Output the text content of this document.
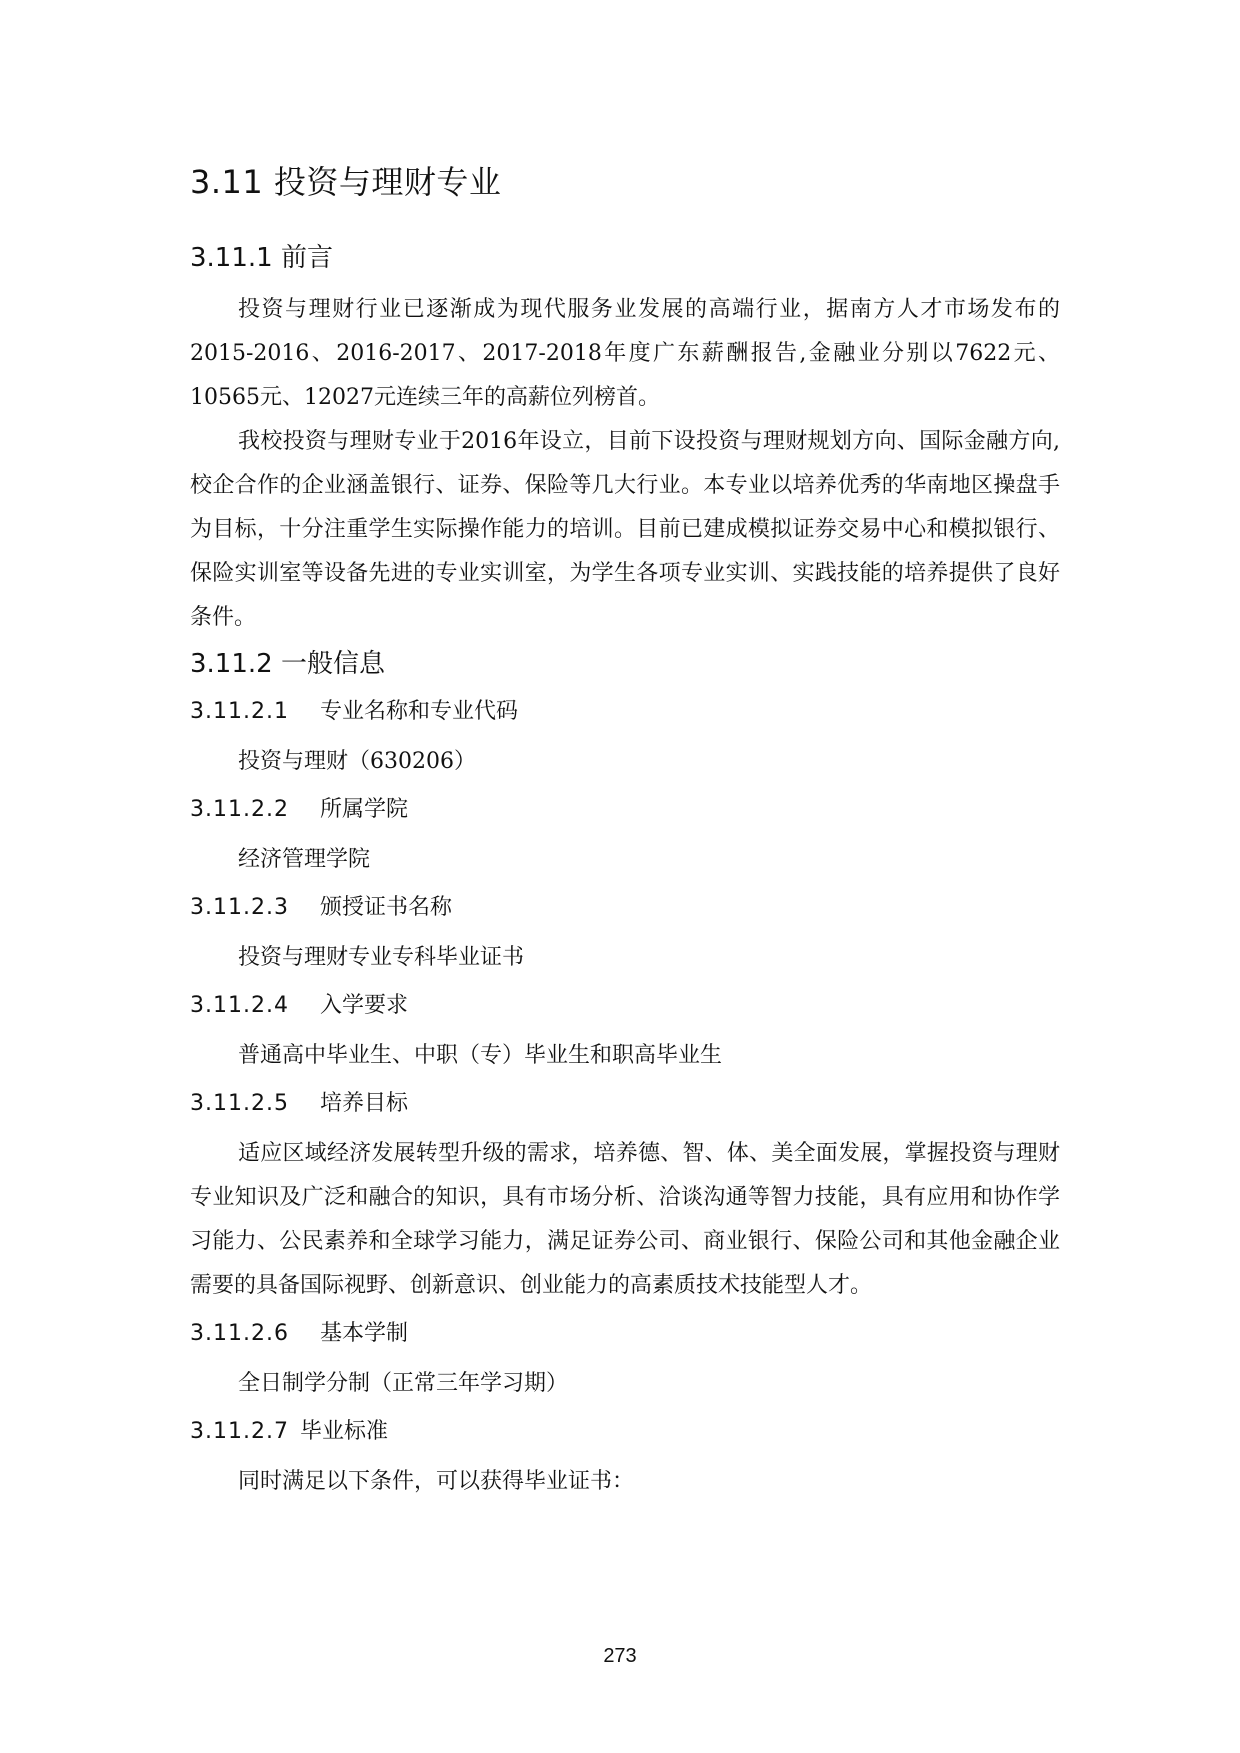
3.11 投资与理财专业
3.11.1 前言

投资与理财行业已逐渐成为现代服务业发展的高端行业，据南方人才市场发布的2015-2016、2016-2017、2017-2018年度广东薪酬报告,金融业分别以7622元、10565元、12027元连续三年的高薪位列榜首。

我校投资与理财专业于2016年设立，目前下设投资与理财规划方向、国际金融方向,校企合作的企业涵盖银行、证券、保险等几大行业。本专业以培养优秀的华南地区操盘手为目标，十分注重学生实际操作能力的培训。目前已建成模拟证券交易中心和模拟银行、保险实训室等设备先进的专业实训室，为学生各项专业实训、实践技能的培养提供了良好条件。

3.11.2 一般信息
3.11.2.1	专业名称和专业代码

投资与理财（630206）

3.11.2.2	所属学院

经济管理学院

3.11.2.3	颁授证书名称

投资与理财专业专科毕业证书

3.11.2.4	入学要求

普通高中毕业生、中职（专）毕业生和职高毕业生

3.11.2.5	培养目标

适应区域经济发展转型升级的需求，培养德、智、体、美全面发展，掌握投资与理财专业知识及广泛和融合的知识，具有市场分析、洽谈沟通等智力技能，具有应用和协作学习能力、公民素养和全球学习能力，满足证券公司、商业银行、保险公司和其他金融企业需要的具备国际视野、创新意识、创业能力的高素质技术技能型人才。

3.11.2.6	基本学制

全日制学分制（正常三年学习期）

3.11.2.7 毕业标准

同时满足以下条件，可以获得毕业证书：

273
